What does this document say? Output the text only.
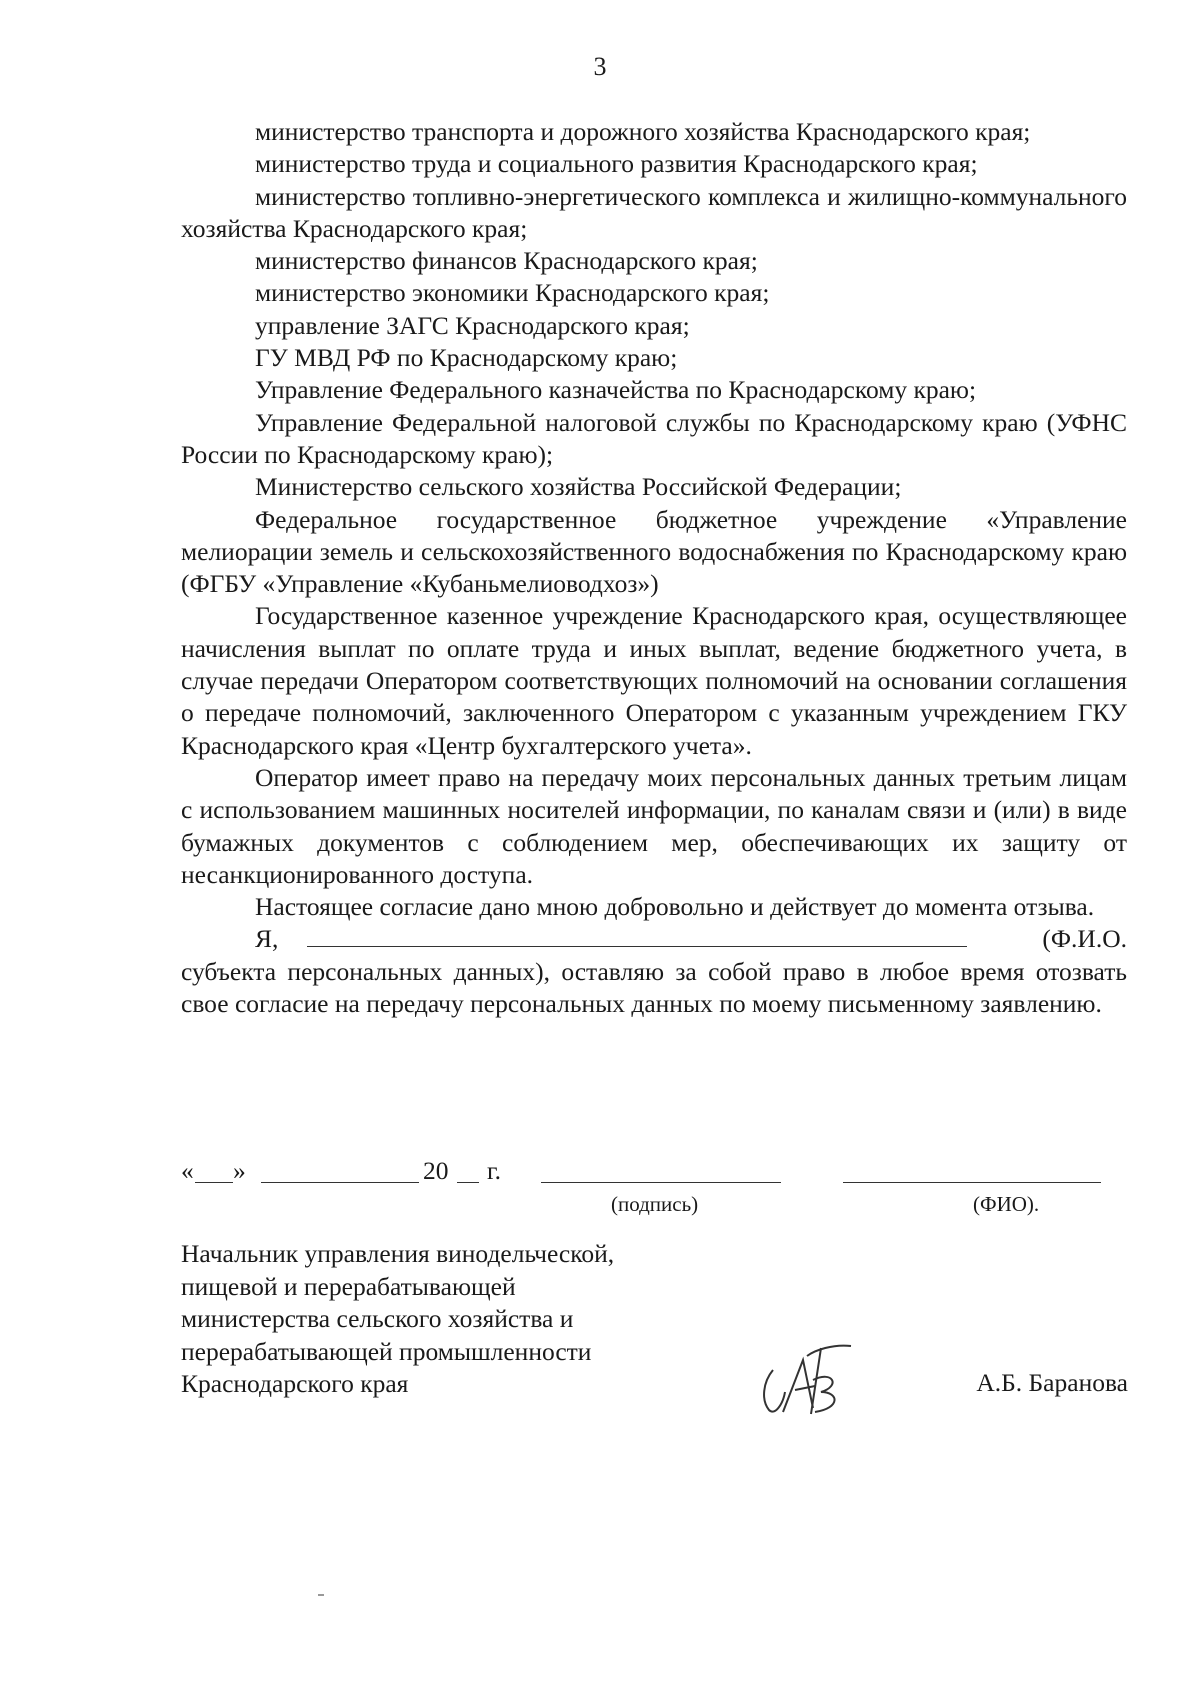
3

министерство транспорта и дорожного хозяйства Краснодарского края;

министерство труда и социального развития Краснодарского края;

министерство топливно-энергетического комплекса и жилищно-коммунального хозяйства Краснодарского края;

министерство финансов Краснодарского края;

министерство экономики Краснодарского края;

управление ЗАГС Краснодарского края;

ГУ МВД РФ по Краснодарскому краю;

Управление Федерального казначейства по Краснодарскому краю;

Управление Федеральной налоговой службы по Краснодарскому краю (УФНС России по Краснодарскому краю);

Министерство сельского хозяйства Российской Федерации;

Федеральное государственное бюджетное учреждение «Управление мелиорации земель и сельскохозяйственного водоснабжения по Краснодарскому краю (ФГБУ «Управление «Кубаньмелиоводхоз»)

Государственное казенное учреждение Краснодарского края, осуществляющее начисления выплат по оплате труда и иных выплат, ведение бюджетного учета, в случае передачи Оператором соответствующих полномочий на основании соглашения о передаче полномочий, заключенного Оператором с указанным учреждением ГКУ Краснодарского края «Центр бухгалтерского учета».

Оператор имеет право на передачу моих персональных данных третьим лицам с использованием машинных носителей информации, по каналам связи и (или) в виде бумажных документов с соблюдением мер, обеспечивающих их защиту от несанкционированного доступа.

Настоящее согласие дано мною добровольно и действует до момента отзыва.

Я,	(Ф.И.О.

субъекта персональных данных), оставляю за собой право в любое время отозвать свое согласие на передачу персональных данных по моему письменному заявлению.

« »	20 г.
(подпись)	(ФИО).
Начальник управления винодельческой,
пищевой и перерабатывающей
министерства сельского хозяйства и
перерабатывающей промышленности
Краснодарского края	А.Б. Баранова
